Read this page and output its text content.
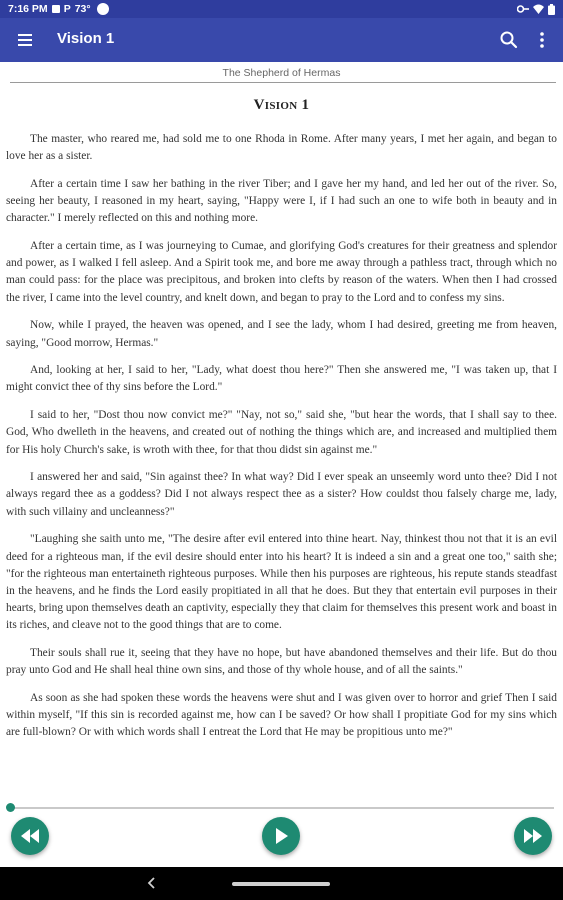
7:16 PM P 73°
Vision 1
The Shepherd of Hermas
Vision 1

The master, who reared me, had sold me to one Rhoda in Rome. After many years, I met her again, and began to love her as a sister.

After a certain time I saw her bathing in the river Tiber; and I gave her my hand, and led her out of the river. So, seeing her beauty, I reasoned in my heart, saying, "Happy were I, if I had such an one to wife both in beauty and in character." I merely reflected on this and nothing more.

After a certain time, as I was journeying to Cumae, and glorifying God's creatures for their greatness and splendor and power, as I walked I fell asleep. And a Spirit took me, and bore me away through a pathless tract, through which no man could pass: for the place was precipitous, and broken into clefts by reason of the waters. When then I had crossed the river, I came into the level country, and knelt down, and began to pray to the Lord and to confess my sins.

Now, while I prayed, the heaven was opened, and I see the lady, whom I had desired, greeting me from heaven, saying, "Good morrow, Hermas."

And, looking at her, I said to her, "Lady, what doest thou here?" Then she answered me, "I was taken up, that I might convict thee of thy sins before the Lord."

I said to her, "Dost thou now convict me?" "Nay, not so," said she, "but hear the words, that I shall say to thee. God, Who dwelleth in the heavens, and created out of nothing the things which are, and increased and multiplied them for His holy Church's sake, is wroth with thee, for that thou didst sin against me."

I answered her and said, "Sin against thee? In what way? Did I ever speak an unseemly word unto thee? Did I not always regard thee as a goddess? Did I not always respect thee as a sister? How couldst thou falsely charge me, lady, with such villainy and uncleanness?"

"Laughing she saith unto me, "The desire after evil entered into thine heart. Nay, thinkest thou not that it is an evil deed for a righteous man, if the evil desire should enter into his heart? It is indeed a sin and a great one too," saith she; "for the righteous man entertaineth righteous purposes. While then his purposes are righteous, his repute stands steadfast in the heavens, and he finds the Lord easily propitiated in all that he does. But they that entertain evil purposes in their hearts, bring upon themselves death an captivity, especially they that claim for themselves this present work and boast in its riches, and cleave not to the good things that are to come.

Their souls shall rue it, seeing that they have no hope, but have abandoned themselves and their life. But do thou pray unto God and He shall heal thine own sins, and those of thy whole house, and of all the saints."

As soon as she had spoken these words the heavens were shut and I was given over to horror and grief Then I said within myself, "If this sin is recorded against me, how can I be saved? Or how shall I propitiate God for my sins which are full-blown? Or with which words shall I entreat the Lord that He may be propitious unto me?"
